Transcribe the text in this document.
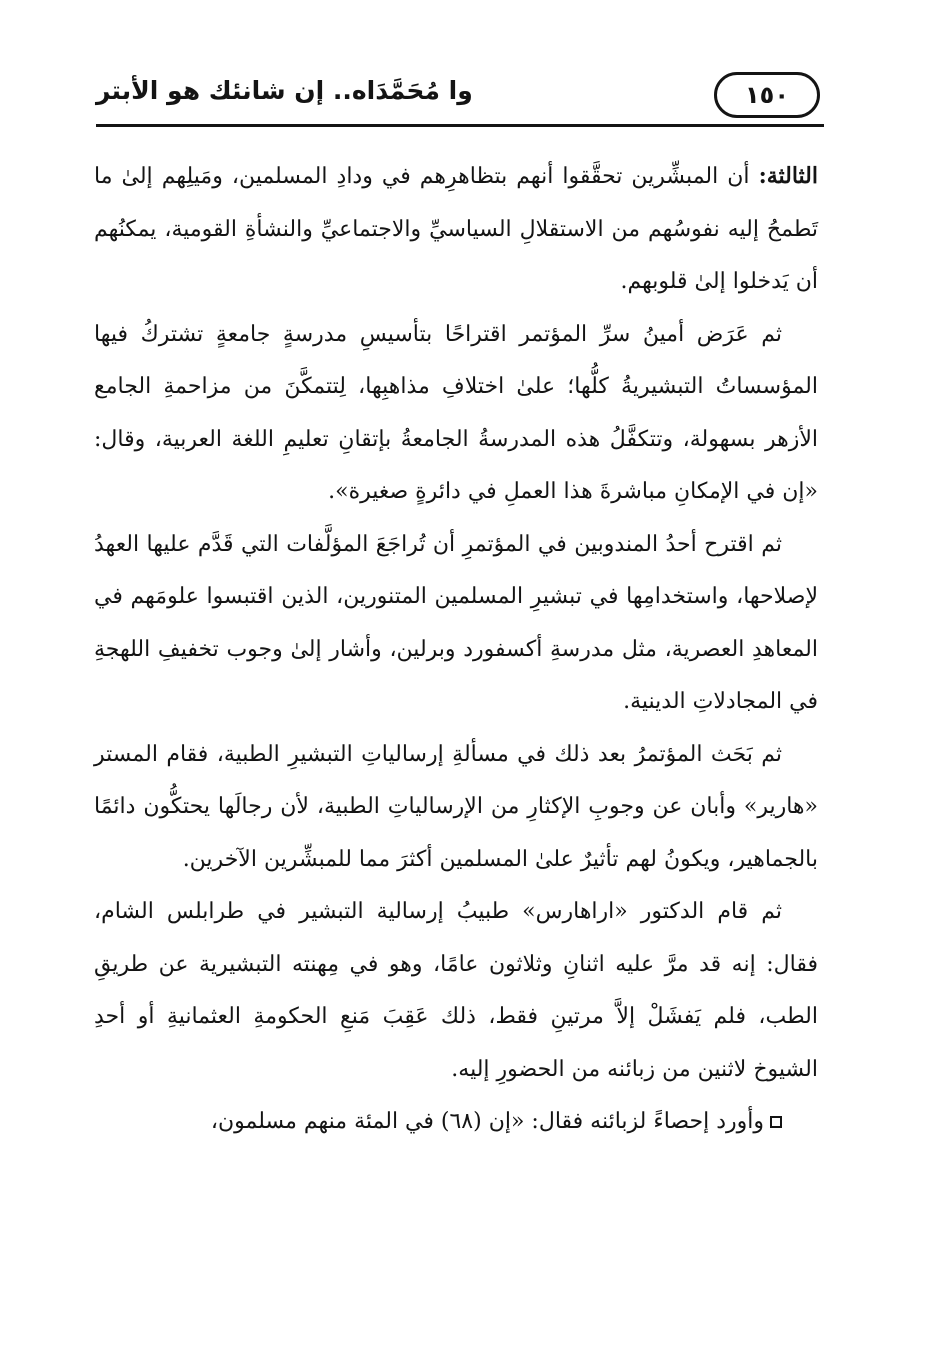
وا مُحَمَّدَاه.. إن شانئك هو الأبتر	١٥٠

الثالثة: أن المبشِّرين تحقَّقوا أنهم بتظاهرِهم في ودادِ المسلمين، ومَيلِهم إلىٰ ما تَطمحُ إليه نفوسُهم من الاستقلالِ السياسيِّ والاجتماعيِّ والنشأةِ القومية، يمكنُهم أن يَدخلوا إلىٰ قلوبهم.

ثم عَرَض أمينُ سرِّ المؤتمر اقتراحًا بتأسيسِ مدرسةٍ جامعةٍ تشتركُ فيها المؤسساتُ التبشيريةُ كلُّها؛ علىٰ اختلافِ مذاهبِها، لِتتمكَّنَ من مزاحمةِ الجامع الأزهر بسهولة، وتتكفَّلُ هذه المدرسةُ الجامعةُ بإتقانِ تعليمِ اللغة العربية، وقال: «إن في الإمكانِ مباشرةَ هذا العملِ في دائرةٍ صغيرة».

ثم اقترح أحدُ المندوبين في المؤتمرِ أن تُراجَعَ المؤلَّفات التي قَدَّم عليها العهدُ لإصلاحها، واستخدامِها في تبشيرِ المسلمين المتنورين، الذين اقتبسوا علومَهم في المعاهدِ العصرية، مثل مدرسةِ أكسفورد وبرلين، وأشار إلىٰ وجوب تخفيفِ اللهجةِ في المجادلاتِ الدينية.

ثم بَحَث المؤتمرُ بعد ذلك في مسألةِ إرسالياتِ التبشيرِ الطبية، فقام المستر «هارير» وأبان عن وجوبِ الإكثارِ من الإرسالياتِ الطبية، لأن رجالَها يحتكُّون دائمًا بالجماهير، ويكونُ لهم تأثيرٌ علىٰ المسلمين أكثرَ مما للمبشِّرين الآخرين.

ثم قام الدكتور «اراهارس» طبيبُ إرسالية التبشير في طرابلس الشام، فقال: إنه قد مرَّ عليه اثنانِ وثلاثون عامًا، وهو في مِهنته التبشيرية عن طريقِ الطب، فلم يَفشَلْ إلاَّ مرتينِ فقط، ذلك عَقِبَ مَنعِ الحكومةِ العثمانيةِ أو أحدِ الشيوخ لاثنين من زبائنه من الحضورِ إليه.

وأورد إحصاءً لزبائنه فقال: «إن (٦٨) في المئة منهم مسلمون،
